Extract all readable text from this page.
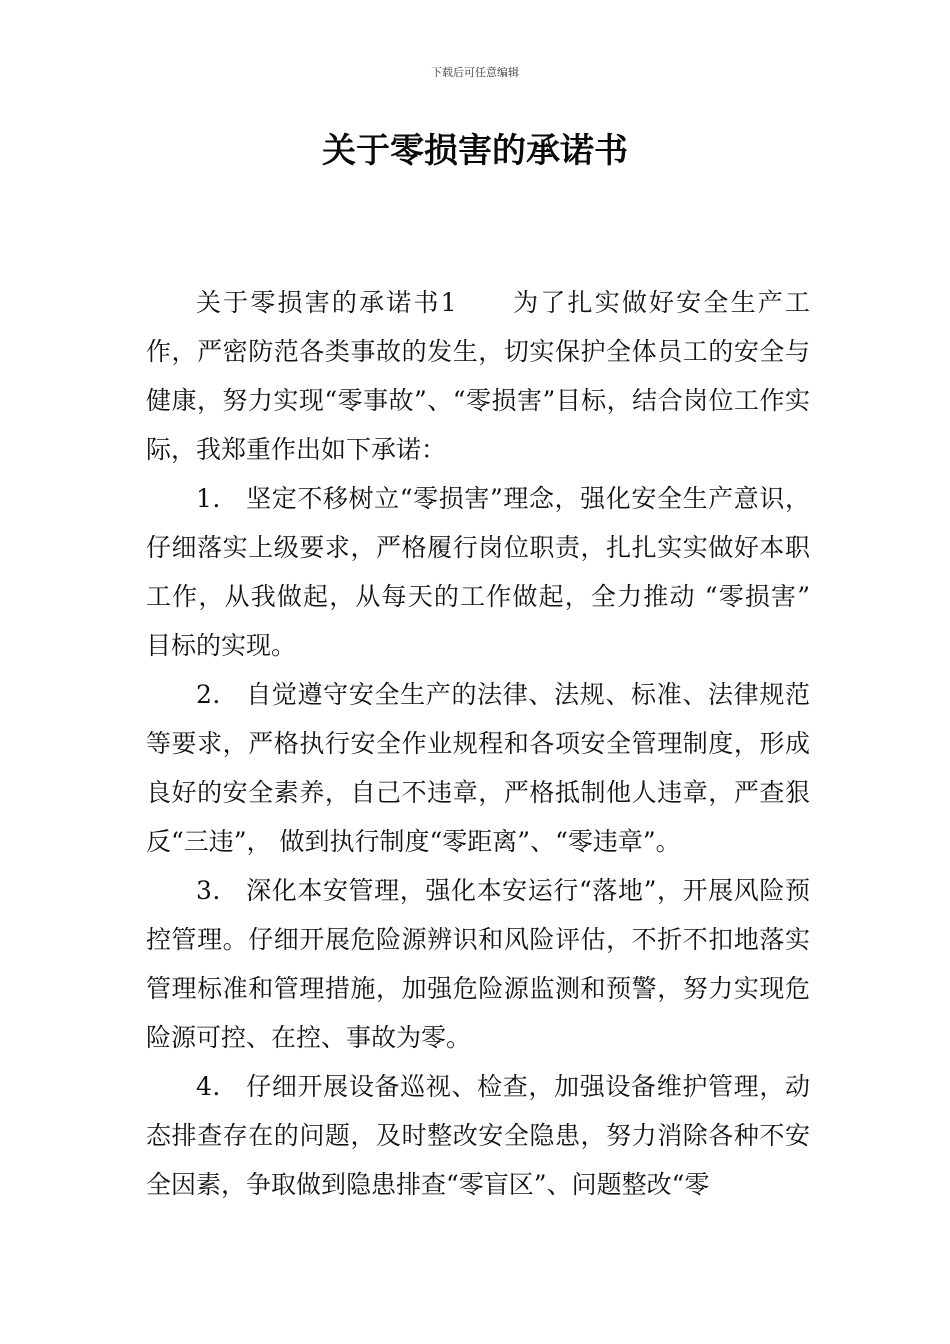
下载后可任意编辑
关于零损害的承诺书

关于零损害的承诺书1　　为了扎实做好安全生产工作，严密防范各类事故的发生，切实保护全体员工的安全与健康，努力实现“零事故”、“零损害”目标，结合岗位工作实际，我郑重作出如下承诺：

1． 坚定不移树立“零损害”理念，强化安全生产意识，仔细落实上级要求，严格履行岗位职责，扎扎实实做好本职工作，从我做起，从每天的工作做起，全力推动 “零损害” 目标的实现。

2． 自觉遵守安全生产的法律、法规、标准、法律规范等要求，严格执行安全作业规程和各项安全管理制度，形成良好的安全素养，自己不违章，严格抵制他人违章，严查狠反“三违”， 做到执行制度“零距离”、“零违章”。

3． 深化本安管理，强化本安运行“落地”，开展风险预控管理。仔细开展危险源辨识和风险评估，不折不扣地落实管理标准和管理措施，加强危险源监测和预警，努力实现危险源可控、在控、事故为零。

4． 仔细开展设备巡视、检查，加强设备维护管理，动态排查存在的问题，及时整改安全隐患，努力消除各种不安全因素，争取做到隐患排查“零盲区”、问题整改“零
